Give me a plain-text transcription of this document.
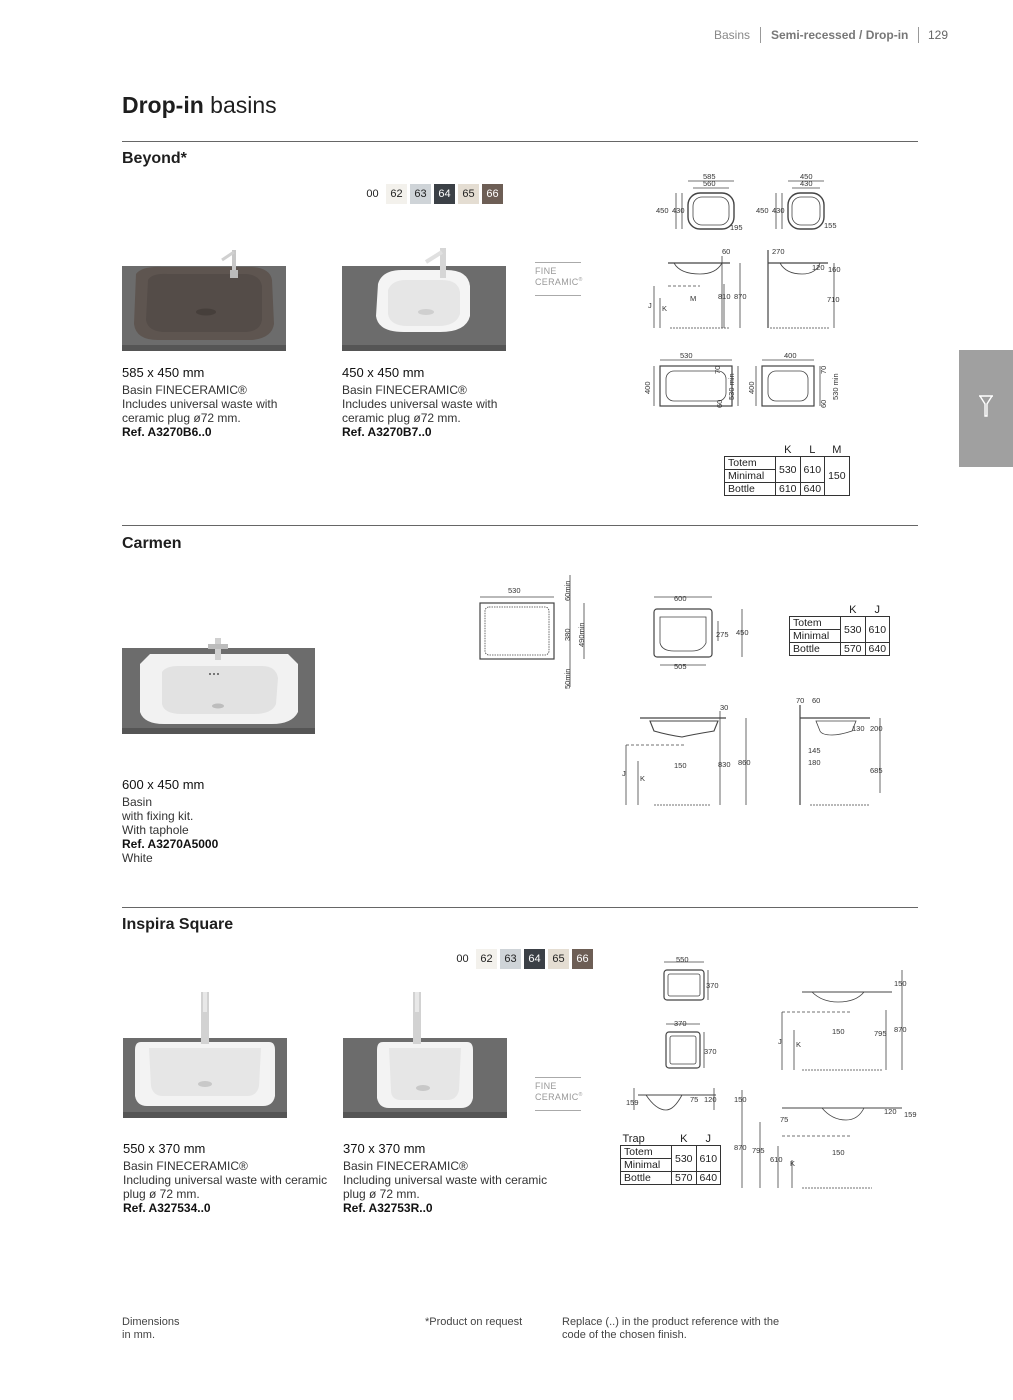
Basins Semi-recessed / Drop-in 129
Drop-in basins
Beyond*
00 62 63 64 65 66
FINE
CERAMIC®
585 x 450 mm
Basin FINECERAMIC®
Includes universal waste with
ceramic plug ø72 mm.
Ref. A3270B6..0
450 x 450 mm
Basin FINECERAMIC®
Includes universal waste with
ceramic plug ø72 mm.
Ref. A3270B7..0
585
560
450 430
195
450
430
450 430
155
60
M	810 870
J K
270
120 160
710
530
400
70
530 min
60
400
400
70
530 min
60
	K	L	M
Totem	530	610	150
Minimal			
Bottle	610	640	
Carmen
600 x 450 mm
Basin
with fixing kit.
With taphole
Ref. A3270A5000
White
530	60min
380 490min
50min
600
275 450
505
30
150	830 860
J
K
70 60
130 200
145
180
685
	K	J
Totem	530	610
Minimal		
Bottle	570	640
Inspira Square
00 62 63 64 65 66
FINE
CERAMIC®
550 x 370 mm
Basin FINECERAMIC®
Including universal waste with ceramic
plug ø 72 mm.
Ref. A327534..0
370 x 370 mm
Basin FINECERAMIC®
Including universal waste with ceramic
plug ø 72 mm.
Ref. A32753R..0
550
370
370
370
159	75 120
150
150	795 870
J K
150
75
120 159
870 795
610 K
150
Trap	K	J
Totem	530	610
Minimal		
Bottle	570	640
Dimensions
in mm.
*Product on request	Replace (..) in the product reference with the
code of the chosen finish.
